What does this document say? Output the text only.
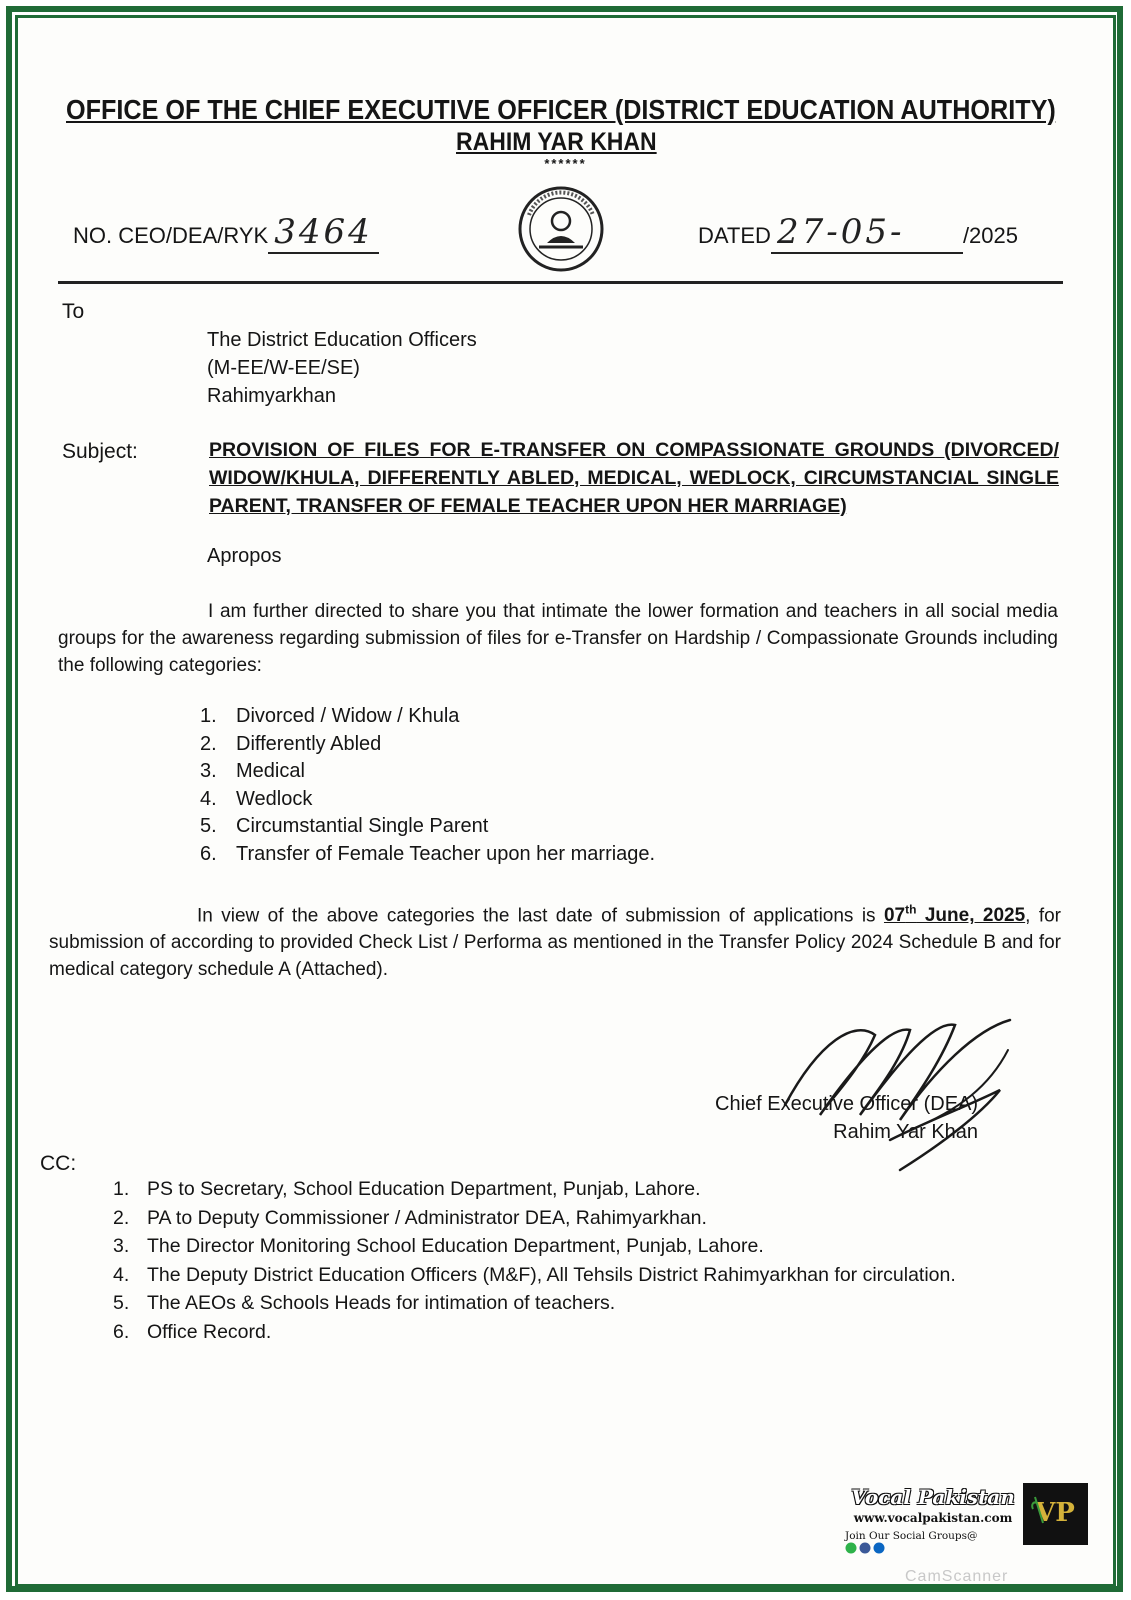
OFFICE OF THE CHIEF EXECUTIVE OFFICER (DISTRICT EDUCATION AUTHORITY)
RAHIM YAR KHAN
******
NO. CEO/DEA/RYK 3464	DATED 27-05-	/2025
To
The District Education Officers
(M-EE/W-EE/SE)
Rahimyarkhan
Subject:	PROVISION OF FILES FOR E-TRANSFER ON COMPASSIONATE GROUNDS (DIVORCED/ WIDOW/KHULA, DIFFERENTLY ABLED, MEDICAL, WEDLOCK, CIRCUMSTANCIAL SINGLE PARENT, TRANSFER OF FEMALE TEACHER UPON HER MARRIAGE)
Apropos
I am further directed to share you that intimate the lower formation and teachers in all social media groups for the awareness regarding submission of files for e-Transfer on Hardship / Compassionate Grounds including the following categories:
1. Divorced / Widow / Khula
2. Differently Abled
3. Medical
4. Wedlock
5. Circumstantial Single Parent
6. Transfer of Female Teacher upon her marriage.
In view of the above categories the last date of submission of applications is 07th June, 2025, for submission of according to provided Check List / Performa as mentioned in the Transfer Policy 2024 Schedule B and for medical category schedule A (Attached).
Chief Executive Officer (DEA)
Rahim Yar Khan
CC:
1. PS to Secretary, School Education Department, Punjab, Lahore.
2. PA to Deputy Commissioner / Administrator DEA, Rahimyarkhan.
3. The Director Monitoring School Education Department, Punjab, Lahore.
4. The Deputy District Education Officers (M&F), All Tehsils District Rahimyarkhan for circulation.
5. The AEOs & Schools Heads for intimation of teachers.
6. Office Record.
Vocal Pakistan
www.vocalpakistan.com
Join Our Social Groups@
VP
CamScanner
